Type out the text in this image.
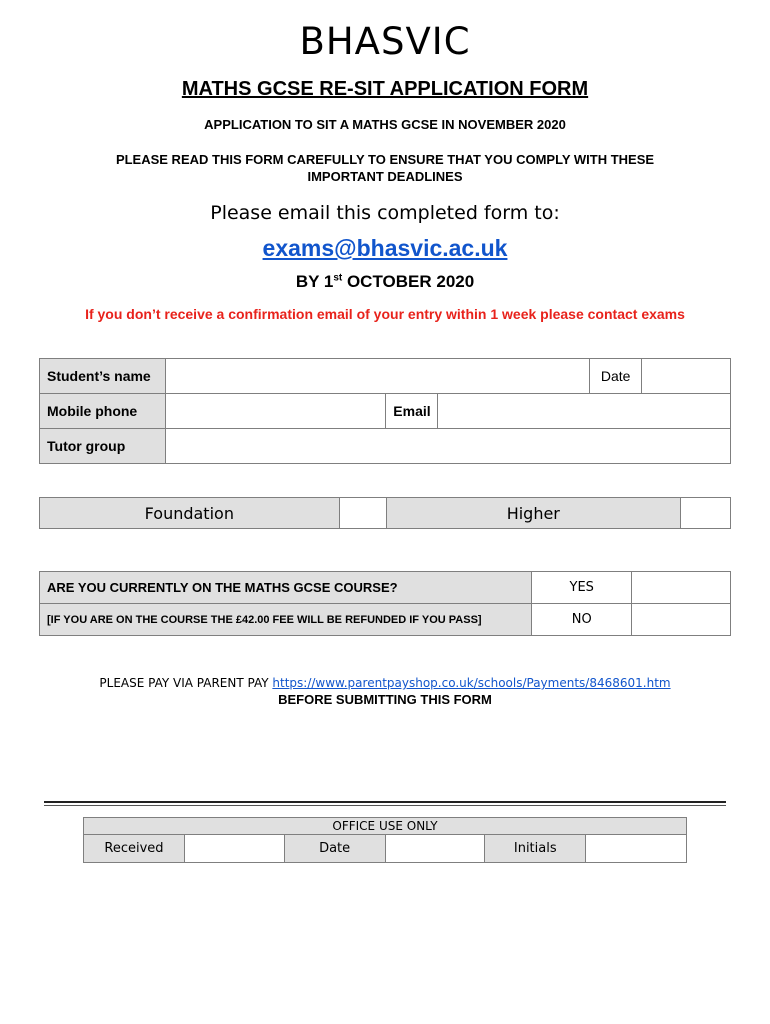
BHASVIC
MATHS GCSE RE-SIT APPLICATION FORM
APPLICATION TO SIT A MATHS GCSE IN NOVEMBER 2020
PLEASE READ THIS FORM CAREFULLY TO ENSURE THAT YOU COMPLY WITH THESE
IMPORTANT DEADLINES
Please email this completed form to:
exams@bhasvic.ac.uk
BY 1st OCTOBER 2020
If you don’t receive a confirmation email of your entry within 1 week please contact exams
Student’s name				Date	
Mobile phone		Email			
Tutor group					
Foundation		Higher	
ARE YOU CURRENTLY ON THE MATHS GCSE COURSE?	YES	
[IF YOU ARE ON THE COURSE THE £42.00 FEE WILL BE REFUNDED IF YOU PASS]	NO	
PLEASE PAY VIA PARENT PAY https://www.parentpayshop.co.uk/schools/Payments/8468601.htm
BEFORE SUBMITTING THIS FORM
OFFICE USE ONLY
Received		Date		Initials	
